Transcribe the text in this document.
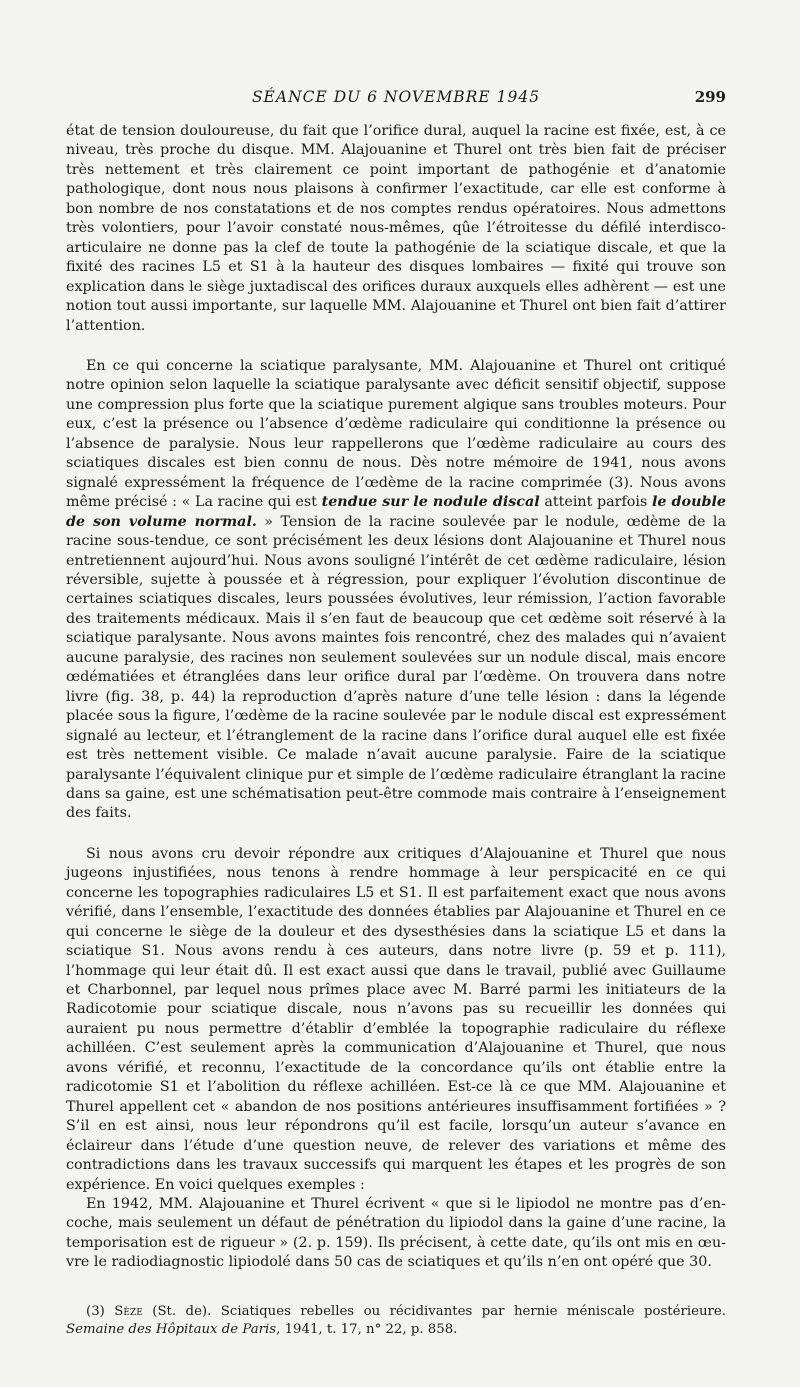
SÉANCE DU 6 NOVEMBRE 1945	299

état de tension douloureuse, du fait que l’orifice dural, auquel la racine est fixée, est, à ce niveau, très proche du disque. MM. Alajouanine et Thurel ont très bien fait de préciser très nettement et très clairement ce point important de pathogénie et d’anatomie pathologique, dont nous nous plaisons à confirmer l’exactitude, car elle est conforme à bon nombre de nos constatations et de nos comptes rendus opératoires. Nous admettons très volontiers, pour l’avoir constaté nous-mêmes, qûe l’étroitesse du défilé interdisco-articulaire ne donne pas la clef de toute la pathogénie de la sciatique discale, et que la fixité des racines L5 et S1 à la hauteur des disques lombaires — fixité qui trouve son explication dans le siège juxtadiscal des orifices duraux auxquels elles adhèrent — est une notion tout aussi importante, sur laquelle MM. Alajouanine et Thurel ont bien fait d’attirer l’attention.

En ce qui concerne la sciatique paralysante, MM. Alajouanine et Thurel ont critiqué notre opinion selon laquelle la sciatique paralysante avec déficit sensitif objectif, suppose une compression plus forte que la sciatique purement algique sans troubles moteurs. Pour eux, c’est la présence ou l’absence d’œdème radiculaire qui conditionne la présence ou l’absence de paralysie. Nous leur rappellerons que l’œdème radiculaire au cours des sciatiques discales est bien connu de nous. Dès notre mémoire de 1941, nous avons signalé expressément la fréquence de l’œdème de la racine comprimée (3). Nous avons même précisé : « La racine qui est tendue sur le nodule discal atteint parfois le double de son volume normal. » Tension de la racine soulevée par le nodule, œdème de la racine sous-tendue, ce sont précisément les deux lésions dont Alajouanine et Thurel nous entretiennent aujourd’hui. Nous avons souligné l’intérêt de cet œdème radiculaire, lésion réversible, sujette à poussée et à régression, pour expliquer l’évolution discontinue de certaines sciatiques discales, leurs poussées évolutives, leur rémission, l’action favorable des traitements médicaux. Mais il s’en faut de beaucoup que cet œdème soit réservé à la sciatique paralysante. Nous avons maintes fois rencontré, chez des malades qui n’avaient aucune paralysie, des racines non seulement soulevées sur un nodule discal, mais encore œdématiées et étranglées dans leur orifice dural par l’œdème. On trouvera dans notre livre (fig. 38, p. 44) la reproduction d’après nature d’une telle lésion : dans la légende placée sous la figure, l’œdème de la racine soulevée par le nodule discal est expressément signalé au lecteur, et l’étranglement de la racine dans l’orifice dural auquel elle est fixée est très nettement visible. Ce malade n’avait aucune paralysie. Faire de la sciatique paralysante l’équivalent clinique pur et simple de l’œdème radiculaire étranglant la racine dans sa gaine, est une schématisation peut-être commode mais contraire à l’enseignement des faits.

Si nous avons cru devoir répondre aux critiques d’Alajouanine et Thurel que nous jugeons injustifiées, nous tenons à rendre hommage à leur perspicacité en ce qui concerne les topographies radiculaires L5 et S1. Il est parfaitement exact que nous avons vérifié, dans l’ensemble, l’exactitude des données établies par Alajouanine et Thurel en ce qui concerne le siège de la douleur et des dysesthésies dans la sciatique L5 et dans la sciatique S1. Nous avons rendu à ces auteurs, dans notre livre (p. 59 et p. 111), l’hommage qui leur était dû. Il est exact aussi que dans le travail, publié avec Guillaume et Charbonnel, par lequel nous prîmes place avec M. Barré parmi les initiateurs de la Radicotomie pour sciatique discale, nous n’avons pas su recueillir les données qui auraient pu nous permettre d’établir d’emblée la topographie radiculaire du réflexe achilléen. C’est seulement après la communication d’Alajouanine et Thurel, que nous avons vérifié, et reconnu, l’exactitude de la concordance qu’ils ont établie entre la radicotomie S1 et l’abolition du réflexe achilléen. Est-ce là ce que MM. Alajouanine et Thurel appellent cet « abandon de nos positions antérieures insuffisamment fortifiées » ? S’il en est ainsi, nous leur répondrons qu’il est facile, lorsqu’un auteur s’avance en éclaireur dans l’étude d’une question neuve, de relever des variations et même des contradictions dans les travaux successifs qui marquent les étapes et les progrès de son expérience. En voici quelques exemples :

En 1942, MM. Alajouanine et Thurel écrivent « que si le lipiodol ne montre pas d’encoche, mais seulement un défaut de pénétration du lipiodol dans la gaine d’une racine, la temporisation est de rigueur » (2. p. 159). Ils précisent, à cette date, qu’ils ont mis en œuvre le radiodiagnostic lipiodolé dans 50 cas de sciatiques et qu’ils n’en ont opéré que 30.

(3) Sèze (St. de). Sciatiques rebelles ou récidivantes par hernie méniscale postérieure. Semaine des Hôpitaux de Paris, 1941, t. 17, n° 22, p. 858.
